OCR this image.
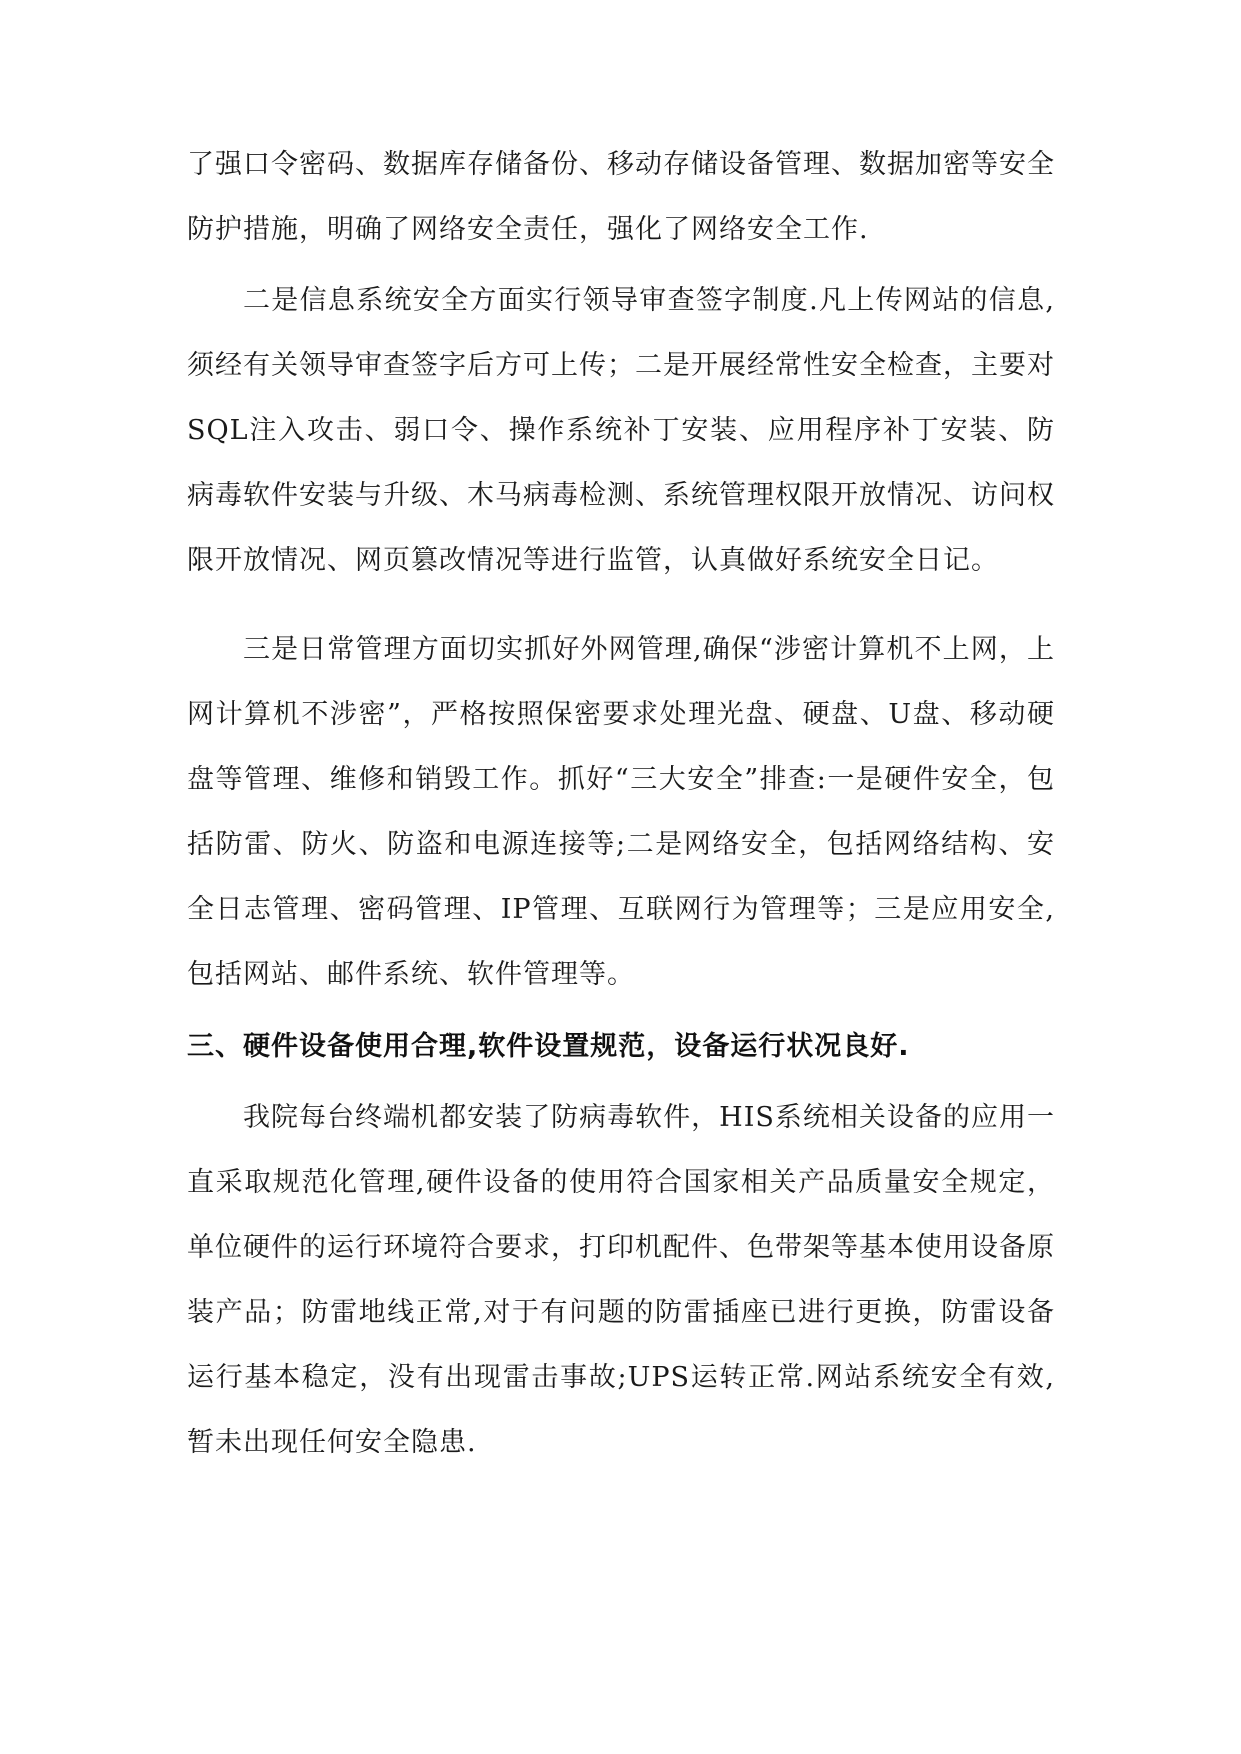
了强口令密码、数据库存储备份、移动存储设备管理、数据加密等安全防护措施，明确了网络安全责任，强化了网络安全工作.

二是信息系统安全方面实行领导审查签字制度.凡上传网站的信息,须经有关领导审查签字后方可上传；二是开展经常性安全检查，主要对SQL注入攻击、弱口令、操作系统补丁安装、应用程序补丁安装、防病毒软件安装与升级、木马病毒检测、系统管理权限开放情况、访问权限开放情况、网页篡改情况等进行监管，认真做好系统安全日记。

三是日常管理方面切实抓好外网管理,确保“涉密计算机不上网，上网计算机不涉密”，严格按照保密要求处理光盘、硬盘、U盘、移动硬盘等管理、维修和销毁工作。抓好“三大安全”排查:一是硬件安全，包括防雷、防火、防盗和电源连接等;二是网络安全，包括网络结构、安全日志管理、密码管理、IP管理、互联网行为管理等；三是应用安全,包括网站、邮件系统、软件管理等。

三、硬件设备使用合理,软件设置规范，设备运行状况良好.

我院每台终端机都安装了防病毒软件，HIS系统相关设备的应用一直采取规范化管理,硬件设备的使用符合国家相关产品质量安全规定，单位硬件的运行环境符合要求，打印机配件、色带架等基本使用设备原装产品；防雷地线正常,对于有问题的防雷插座已进行更换，防雷设备运行基本稳定，没有出现雷击事故;UPS运转正常.网站系统安全有效,暂未出现任何安全隐患.
